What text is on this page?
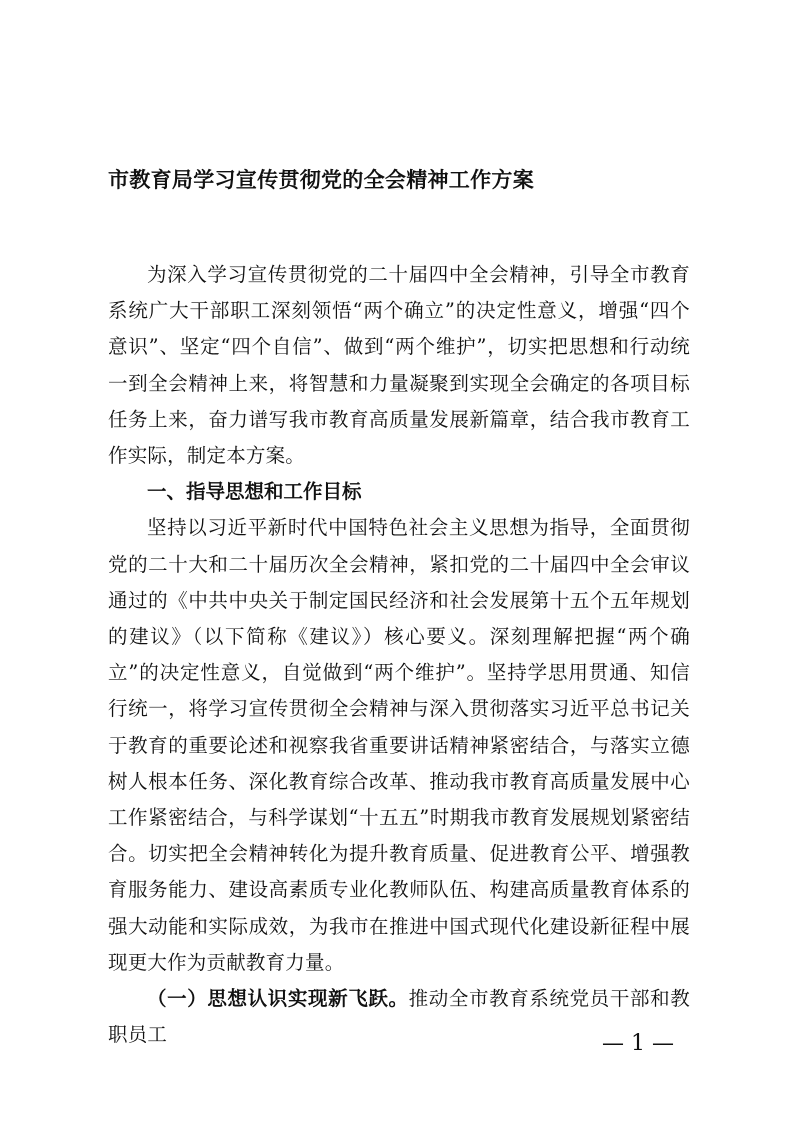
市教育局学习宣传贯彻党的全会精神工作方案

为深入学习宣传贯彻党的二十届四中全会精神，引导全市教育系统广大干部职工深刻领悟“两个确立”的决定性意义，增强“四个意识”、坚定“四个自信”、做到“两个维护”，切实把思想和行动统一到全会精神上来，将智慧和力量凝聚到实现全会确定的各项目标任务上来，奋力谱写我市教育高质量发展新篇章，结合我市教育工作实际，制定本方案。

一、指导思想和工作目标

坚持以习近平新时代中国特色社会主义思想为指导，全面贯彻党的二十大和二十届历次全会精神，紧扣党的二十届四中全会审议通过的《中共中央关于制定国民经济和社会发展第十五个五年规划的建议》（以下简称《建议》）核心要义。深刻理解把握“两个确立”的决定性意义，自觉做到“两个维护”。坚持学思用贯通、知信行统一，将学习宣传贯彻全会精神与深入贯彻落实习近平总书记关于教育的重要论述和视察我省重要讲话精神紧密结合，与落实立德树人根本任务、深化教育综合改革、推动我市教育高质量发展中心工作紧密结合，与科学谋划“十五五”时期我市教育发展规划紧密结合。切实把全会精神转化为提升教育质量、促进教育公平、增强教育服务能力、建设高素质专业化教师队伍、构建高质量教育体系的强大动能和实际成效，为我市在推进中国式现代化建设新征程中展现更大作为贡献教育力量。

（一）思想认识实现新飞跃。推动全市教育系统党员干部和教职员工	— 1 —
